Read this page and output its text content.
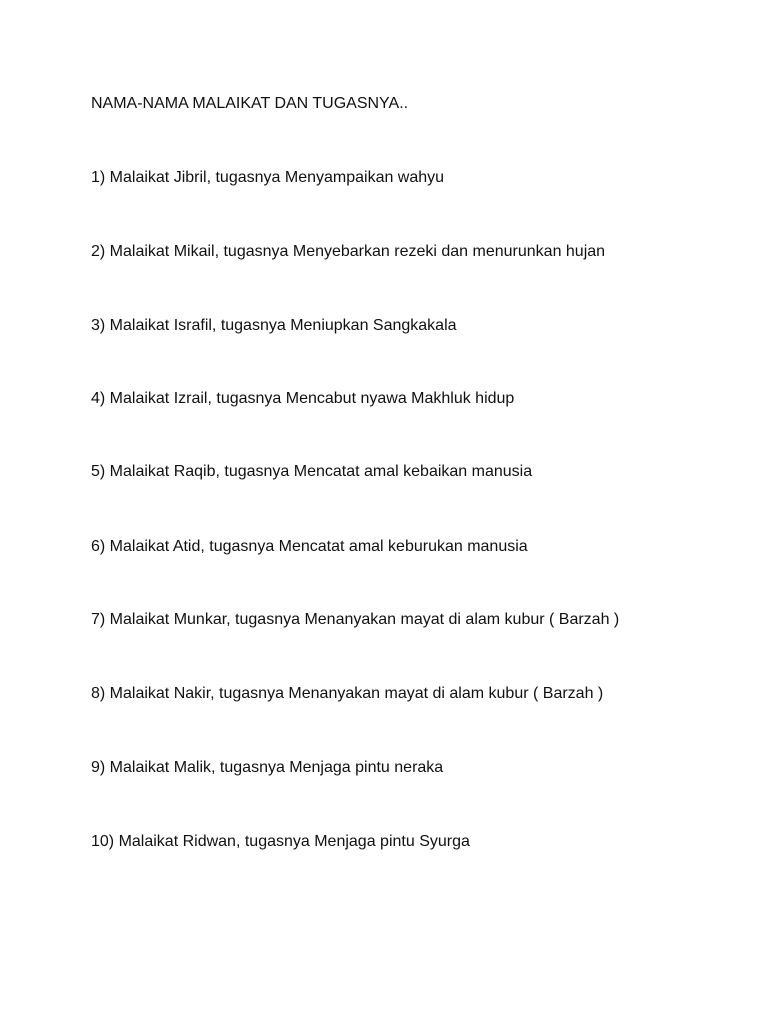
NAMA-NAMA MALAIKAT DAN TUGASNYA..

1) Malaikat Jibril, tugasnya Menyampaikan wahyu

2) Malaikat Mikail, tugasnya Menyebarkan rezeki dan menurunkan hujan

3) Malaikat Israfil, tugasnya Meniupkan Sangkakala

4) Malaikat Izrail, tugasnya Mencabut nyawa Makhluk hidup

5) Malaikat Raqib, tugasnya Mencatat amal kebaikan manusia

6) Malaikat Atid, tugasnya Mencatat amal keburukan manusia

7) Malaikat Munkar, tugasnya Menanyakan mayat di alam kubur ( Barzah )

8) Malaikat Nakir, tugasnya Menanyakan mayat di alam kubur ( Barzah )

9) Malaikat Malik, tugasnya Menjaga pintu neraka

10) Malaikat Ridwan, tugasnya Menjaga pintu Syurga
